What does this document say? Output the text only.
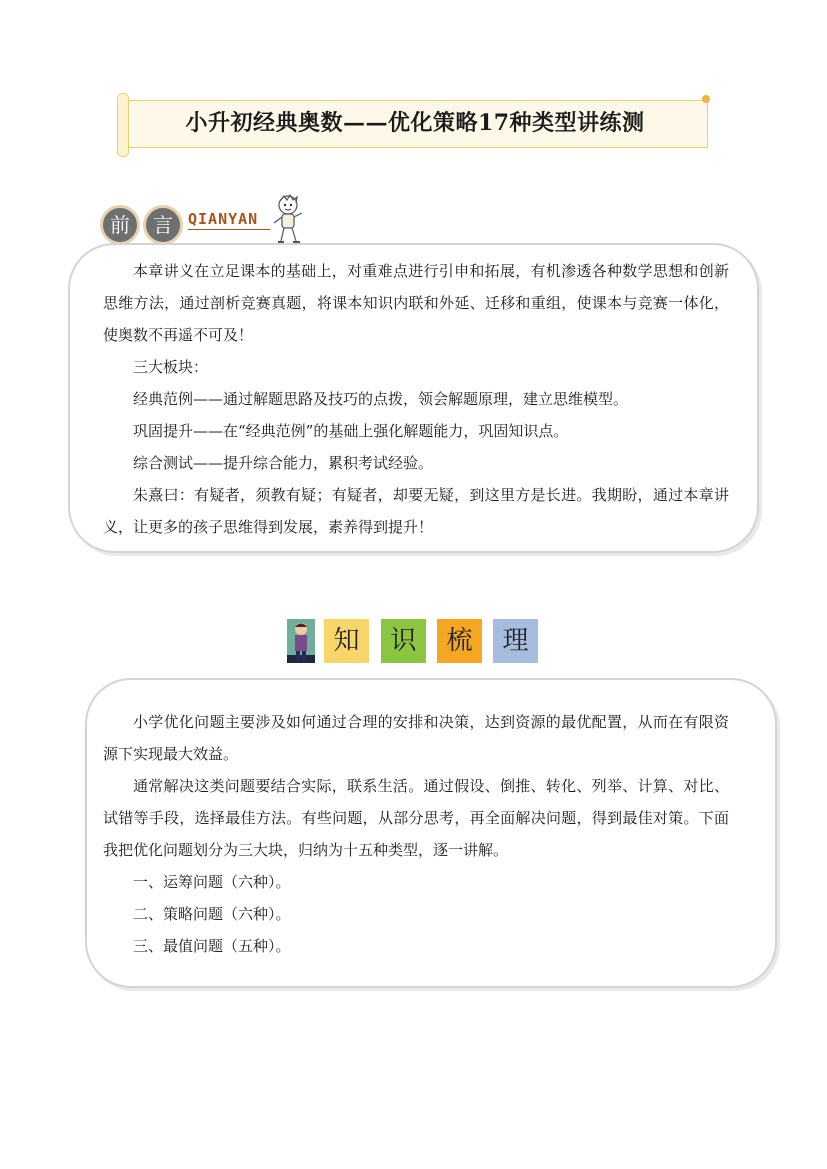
小升初经典奥数——优化策略17种类型讲练测
前	言	QIANYAN

本章讲义在立足课本的基础上，对重难点进行引申和拓展，有机渗透各种数学思想和创新思维方法，通过剖析竞赛真题，将课本知识内联和外延、迁移和重组，使课本与竞赛一体化，使奥数不再遥不可及！

三大板块：

经典范例——通过解题思路及技巧的点拨，领会解题原理，建立思维模型。

巩固提升——在“经典范例”的基础上强化解题能力，巩固知识点。

综合测试——提升综合能力，累积考试经验。

朱熹曰：有疑者，须教有疑；有疑者，却要无疑，到这里方是长进。我期盼，通过本章讲义，让更多的孩子思维得到发展，素养得到提升！

知	识	梳	理

小学优化问题主要涉及如何通过合理的安排和决策，达到资源的最优配置，从而在有限资源下实现最大效益。

通常解决这类问题要结合实际，联系生活。通过假设、倒推、转化、列举、计算、对比、试错等手段，选择最佳方法。有些问题，从部分思考，再全面解决问题，得到最佳对策。下面我把优化问题划分为三大块，归纳为十五种类型，逐一讲解。

一、运筹问题（六种）。

二、策略问题（六种）。

三、最值问题（五种）。
